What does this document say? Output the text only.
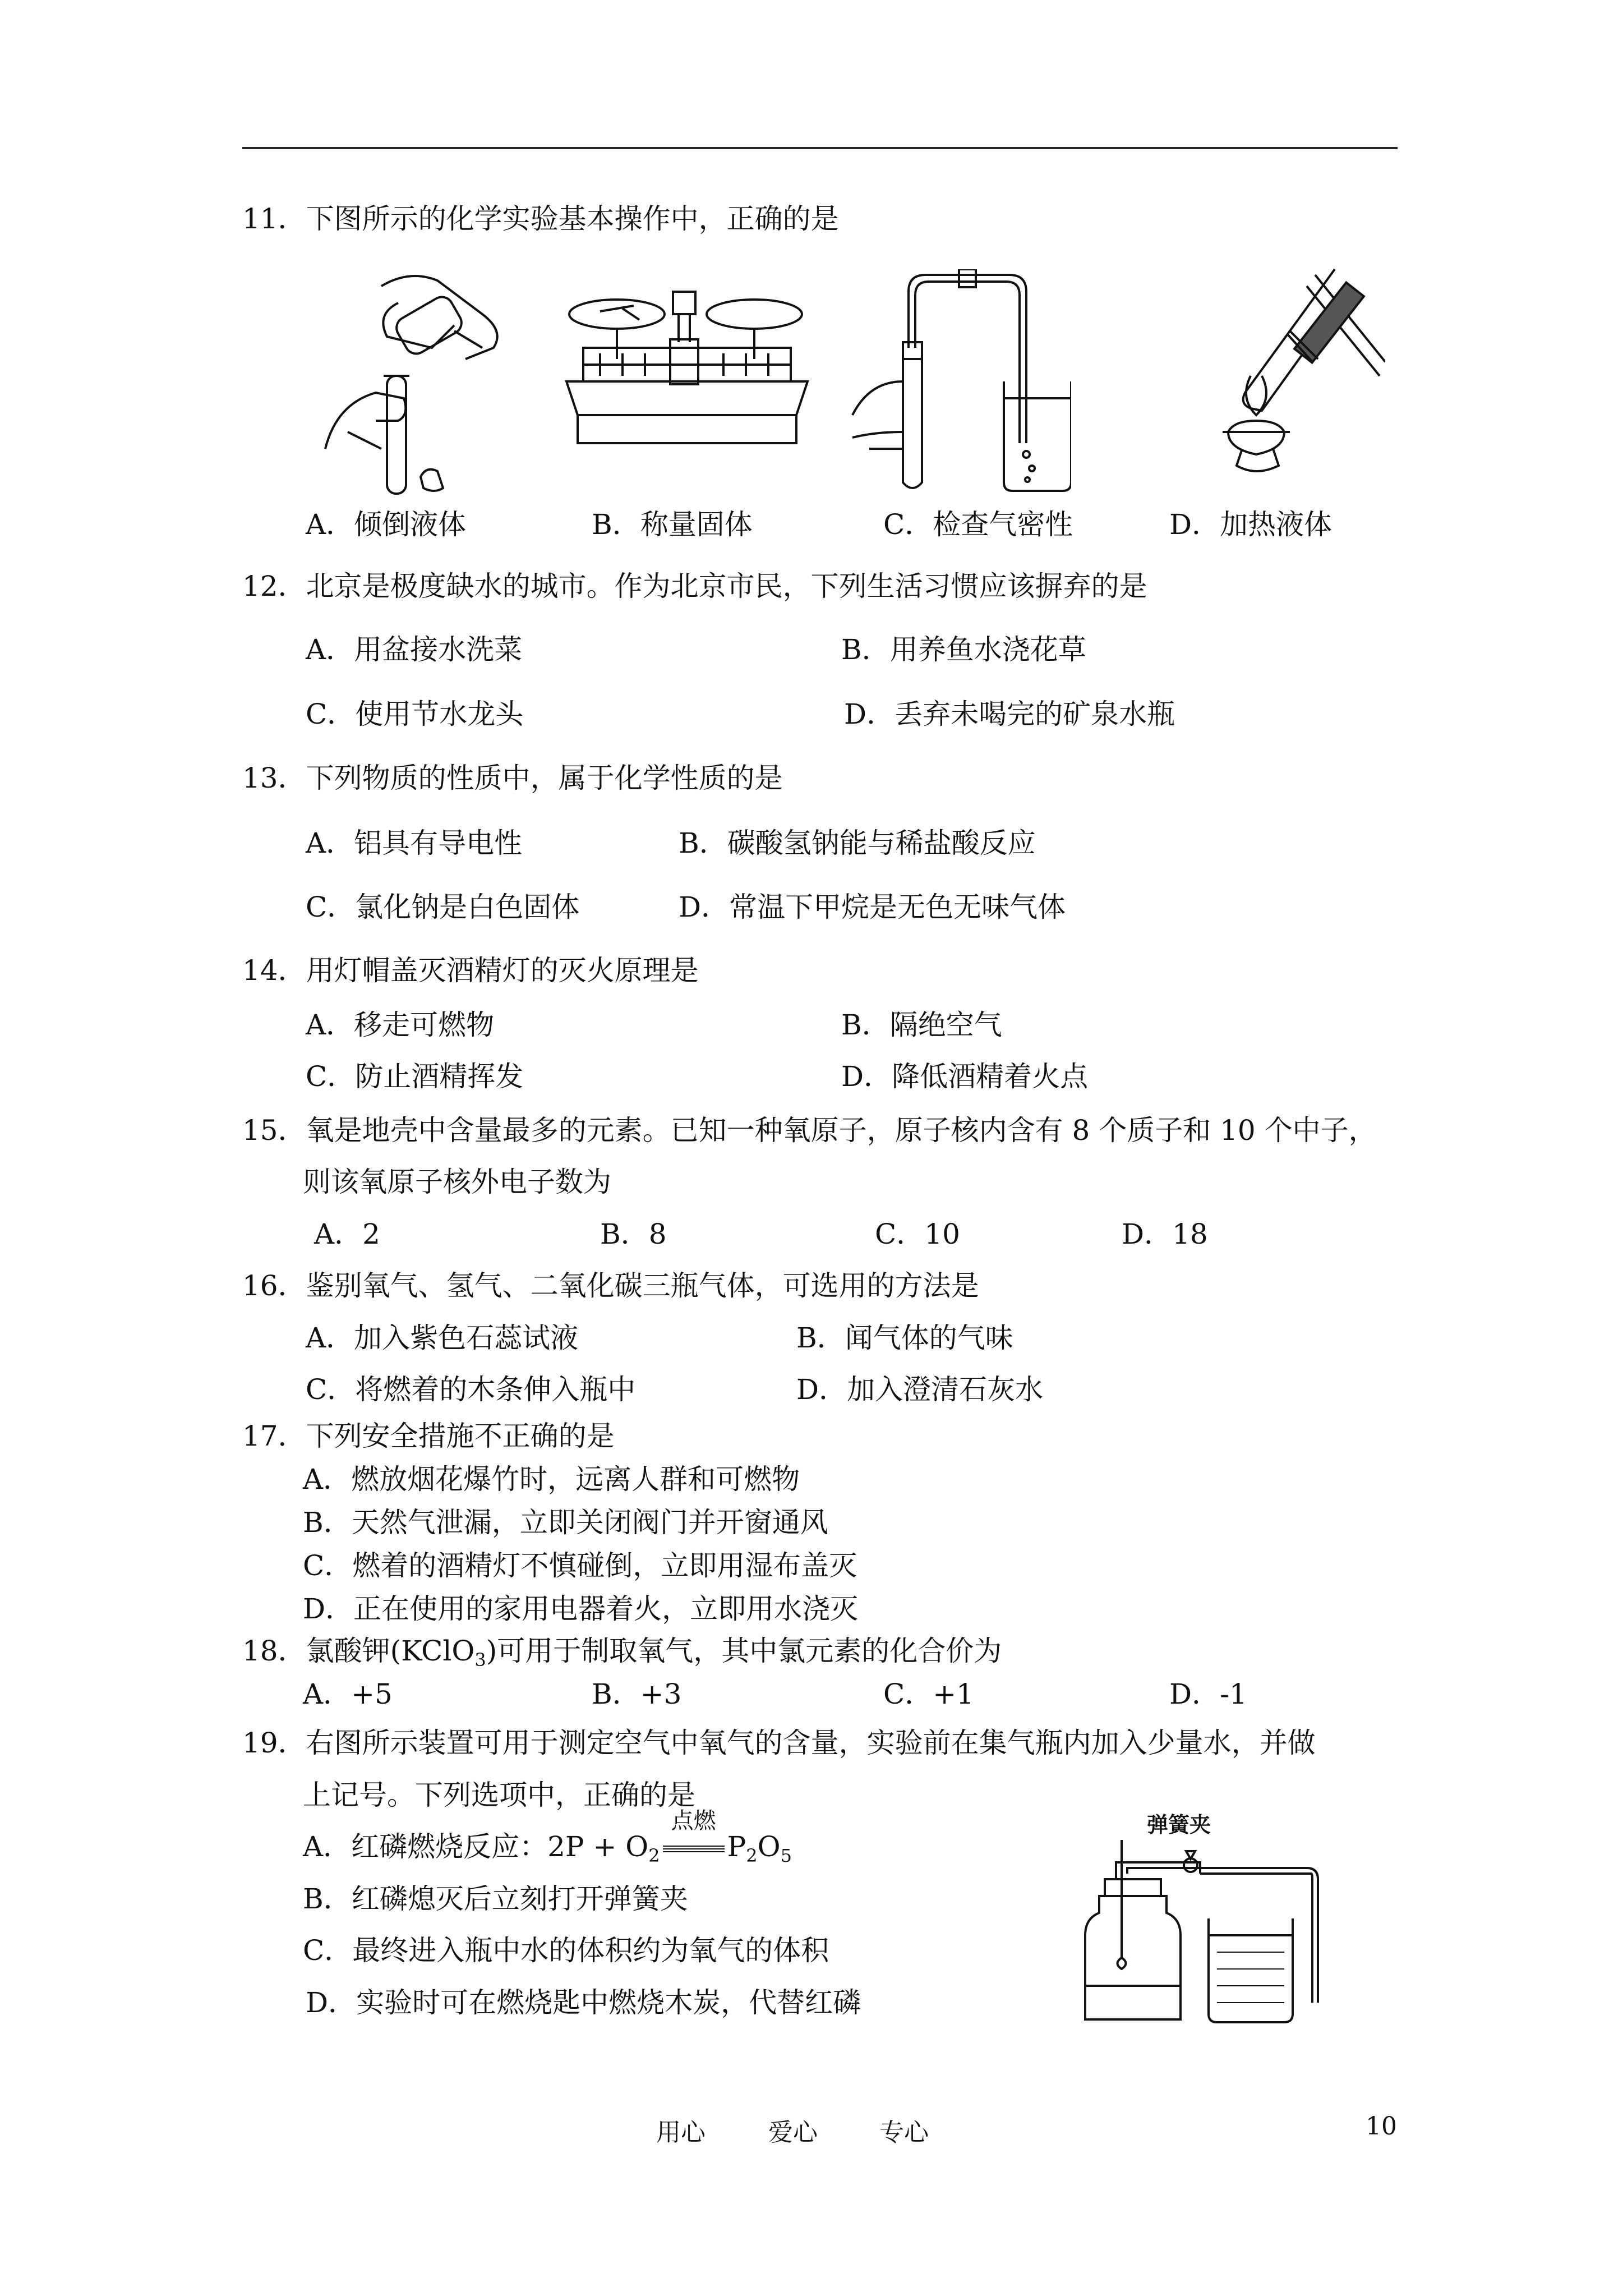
11．下图所示的化学实验基本操作中，正确的是
A．倾倒液体	B．称量固体	C．检查气密性	D．加热液体
12．北京是极度缺水的城市。作为北京市民，下列生活习惯应该摒弃的是
A．用盆接水洗菜	B．用养鱼水浇花草
C．使用节水龙头	D．丢弃未喝完的矿泉水瓶
13．下列物质的性质中，属于化学性质的是
A．铝具有导电性	B．碳酸氢钠能与稀盐酸反应
C．氯化钠是白色固体	D．常温下甲烷是无色无味气体
14．用灯帽盖灭酒精灯的灭火原理是
A．移走可燃物	B．隔绝空气
C．防止酒精挥发	D．降低酒精着火点
15．氧是地壳中含量最多的元素。已知一种氧原子，原子核内含有 8 个质子和 10 个中子，
则该氧原子核外电子数为
A．2	B．8	C．10	D．18
16．鉴别氧气、氢气、二氧化碳三瓶气体，可选用的方法是
A．加入紫色石蕊试液	B．闻气体的气味
C．将燃着的木条伸入瓶中	D．加入澄清石灰水
17．下列安全措施不正确的是
A．燃放烟花爆竹时，远离人群和可燃物
B．天然气泄漏，立即关闭阀门并开窗通风
C．燃着的酒精灯不慎碰倒，立即用湿布盖灭
D．正在使用的家用电器着火，立即用水浇灭
18．氯酸钾(KClO$_3$)可用于制取氧气，其中氯元素的化合价为
A．+5	B．+3	C．+1	D．-1
19．右图所示装置可用于测定空气中氧气的含量，实验前在集气瓶内加入少量水，并做
上记号。下列选项中，正确的是
A．红磷燃烧反应：$2P + O_2$
点燃
$P_2O_5$
B．红磷熄灭后立刻打开弹簧夹
C．最终进入瓶中水的体积约为氧气的体积
D．实验时可在燃烧匙中燃烧木炭，代替红磷
弹簧夹
用心	爱心	专心	10
